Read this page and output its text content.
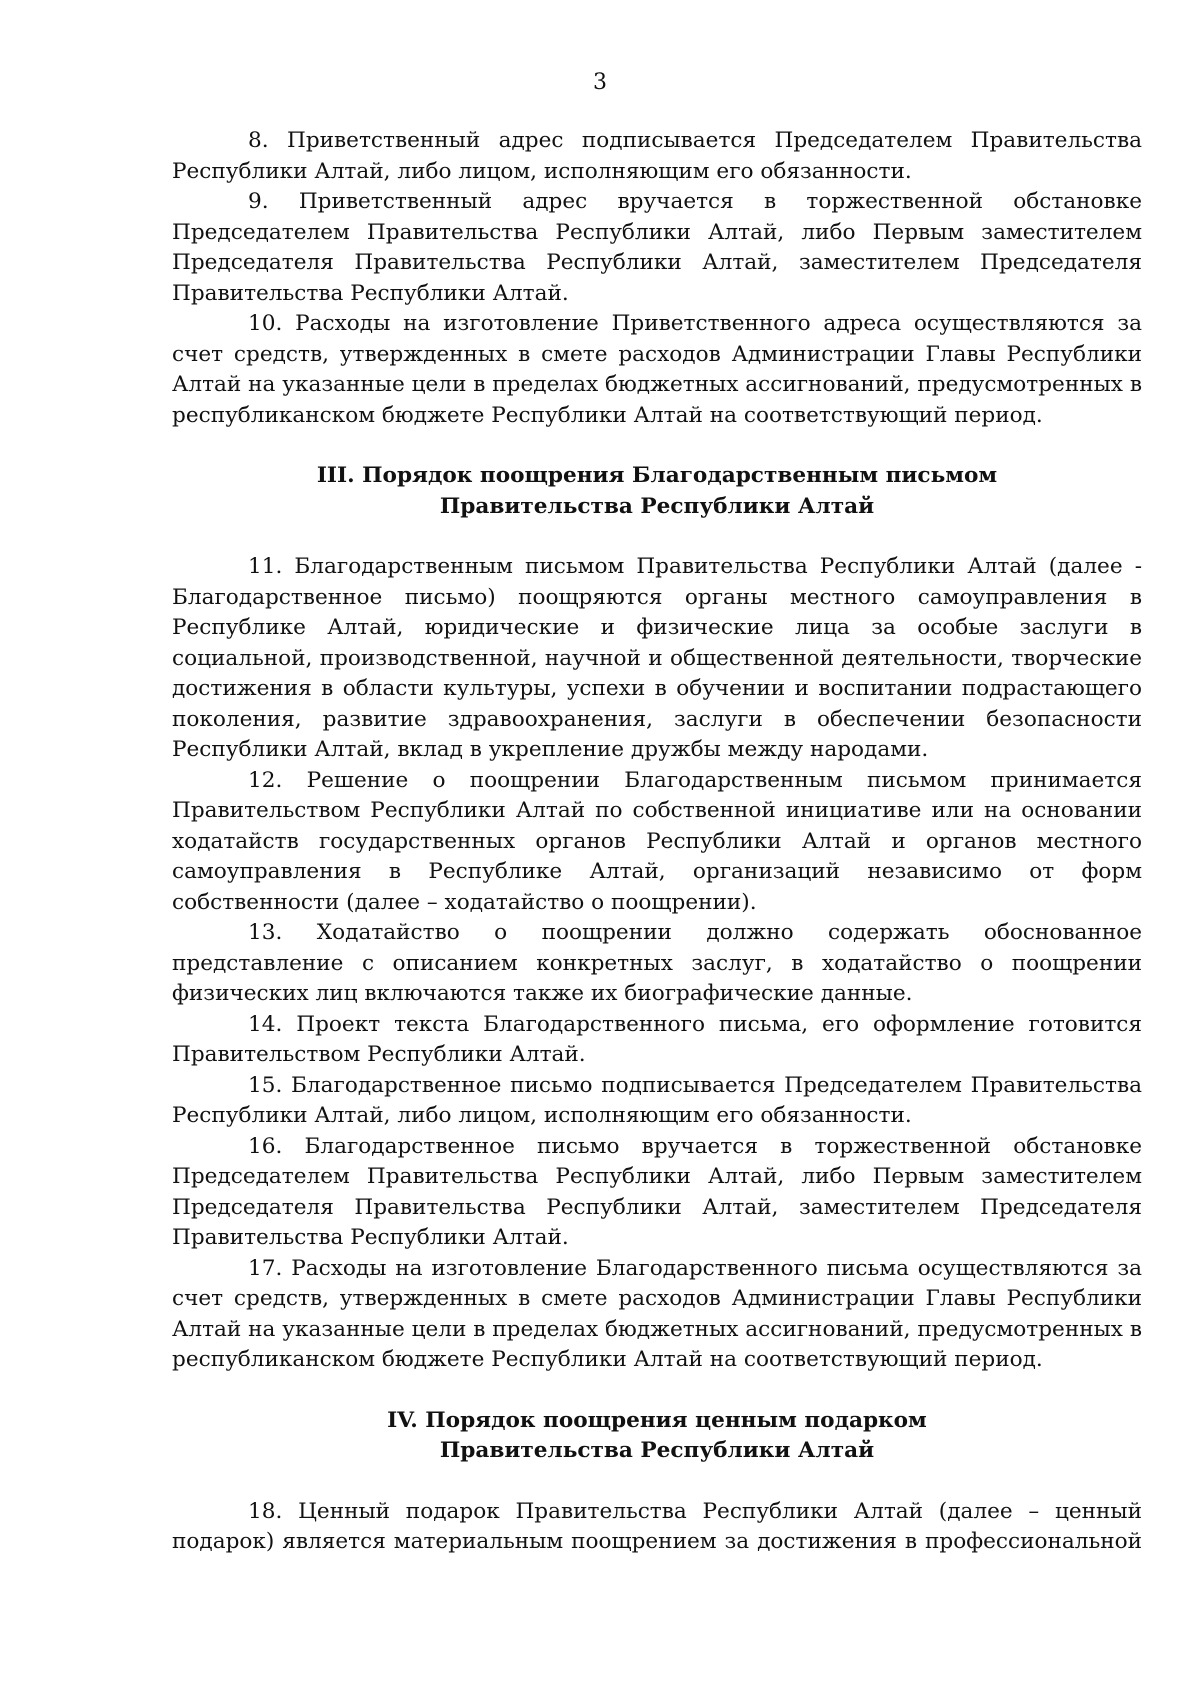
3

8. Приветственный адрес подписывается Председателем Правительства Республики Алтай, либо лицом, исполняющим его обязанности.

9. Приветственный адрес вручается в торжественной обстановке Председателем Правительства Республики Алтай, либо Первым заместителем Председателя Правительства Республики Алтай, заместителем Председателя Правительства Республики Алтай.

10. Расходы на изготовление Приветственного адреса осуществляются за счет средств, утвержденных в смете расходов Администрации Главы Республики Алтай на указанные цели в пределах бюджетных ассигнований, предусмотренных в республиканском бюджете Республики Алтай на соответствующий период.

III. Порядок поощрения Благодарственным письмом

Правительства Республики Алтай

11. Благодарственным письмом Правительства Республики Алтай (далее - Благодарственное письмо) поощряются органы местного самоуправления в Республике Алтай, юридические и физические лица за особые заслуги в социальной, производственной, научной и общественной деятельности, творческие достижения в области культуры, успехи в обучении и воспитании подрастающего поколения, развитие здравоохранения, заслуги в обеспечении безопасности Республики Алтай, вклад в укрепление дружбы между народами.

12. Решение о поощрении Благодарственным письмом принимается Правительством Республики Алтай по собственной инициативе или на основании ходатайств государственных органов Республики Алтай и органов местного самоуправления в Республике Алтай, организаций независимо от форм собственности (далее – ходатайство о поощрении).

13. Ходатайство о поощрении должно содержать обоснованное представление с описанием конкретных заслуг, в ходатайство о поощрении физических лиц включаются также их биографические данные.

14. Проект текста Благодарственного письма, его оформление готовится Правительством Республики Алтай.

15. Благодарственное письмо подписывается Председателем Правительства Республики Алтай, либо лицом, исполняющим его обязанности.

16. Благодарственное письмо вручается в торжественной обстановке Председателем Правительства Республики Алтай, либо Первым заместителем Председателя Правительства Республики Алтай, заместителем Председателя Правительства Республики Алтай.

17. Расходы на изготовление Благодарственного письма осуществляются за счет средств, утвержденных в смете расходов Администрации Главы Республики Алтай на указанные цели в пределах бюджетных ассигнований, предусмотренных в республиканском бюджете Республики Алтай на соответствующий период.

IV. Порядок поощрения ценным подарком

Правительства Республики Алтай

18. Ценный подарок Правительства Республики Алтай (далее – ценный подарок) является материальным поощрением за достижения в профессиональной
